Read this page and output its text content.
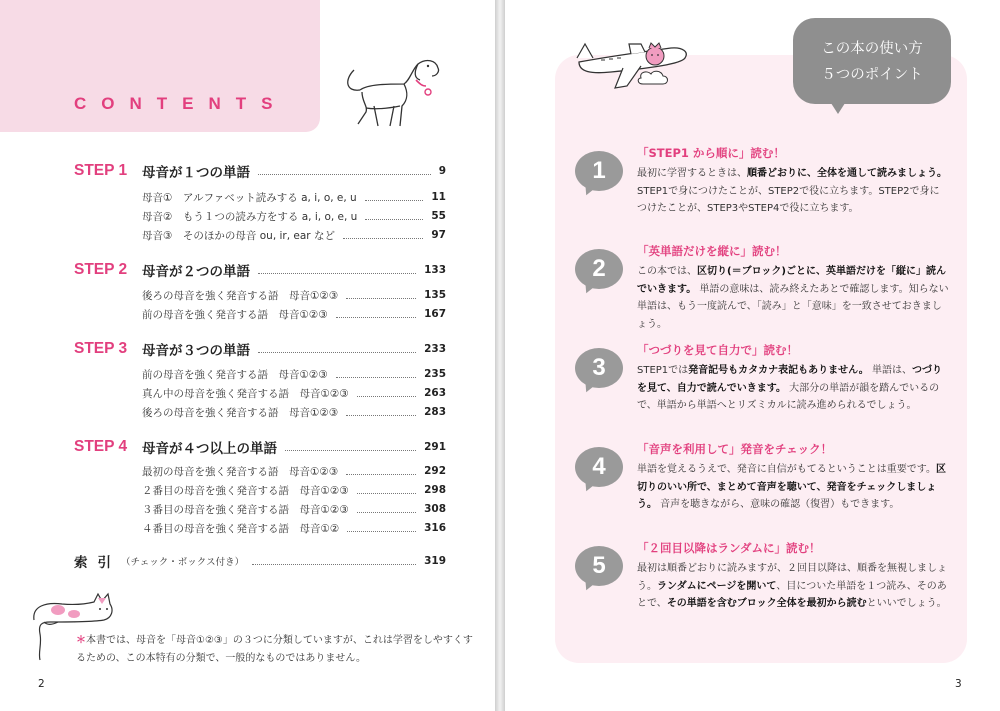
CONTENTS
STEP 1	母音が１つの単語	9
母音①　アルファベット読みする a, i, o, e, u	11
母音②　もう１つの読み方をする a, i, o, e, u	55
母音③　そのほかの母音 ou, ir, ear など	97
STEP 2	母音が２つの単語	133
後ろの母音を強く発音する語　母音①②③	135
前の母音を強く発音する語　母音①②③	167
STEP 3	母音が３つの単語	233
前の母音を強く発音する語　母音①②③	235
真ん中の母音を強く発音する語　母音①②③	263
後ろの母音を強く発音する語　母音①②③	283
STEP 4	母音が４つ以上の単語	291
最初の母音を強く発音する語　母音①②③	292
２番目の母音を強く発音する語　母音①②③	298
３番目の母音を強く発音する語　母音①②③	308
４番目の母音を強く発音する語　母音①②	316
索引 （チェック・ボックス付き）	319
＊本書では、母音を「母音①②③」の３つに分類していますが、これは学習をしやすくするための、この本特有の分類で、一般的なものではありません。
2
この本の使い方
５つのポイント
1
「STEP1 から順に」読む！
最初に学習するときは、順番どおりに、全体を通して読みましょう。 STEP1で身につけたことが、STEP2で役に立ちます。STEP2で身につけたことが、STEP3やSTEP4で役に立ちます。
2
「英単語だけを縦に」読む！
この本では、区切り(＝ブロック)ごとに、英単語だけを「縦に」読んでいきます。 単語の意味は、読み終えたあとで確認します。知らない単語は、もう一度読んで、「読み」と「意味」を一致させておきましょう。
3
「つづりを見て自力で」読む！
STEP1では発音記号もカタカナ表記もありません。 単語は、つづりを見て、自力で読んでいきます。 大部分の単語が韻を踏んでいるので、単語から単語へとリズミカルに読み進められるでしょう。
4
「音声を利用して」発音をチェック！
単語を覚えるうえで、発音に自信がもてるということは重要です。区切りのいい所で、まとめて音声を聴いて、発音をチェックしましょう。 音声を聴きながら、意味の確認（復習）もできます。
5
「２回目以降はランダムに」読む！
最初は順番どおりに読みますが、２回目以降は、順番を無視しましょう。ランダムにページを開いて、目についた単語を１つ読み、そのあとで、その単語を含むブロック全体を最初から読むといいでしょう。
3
